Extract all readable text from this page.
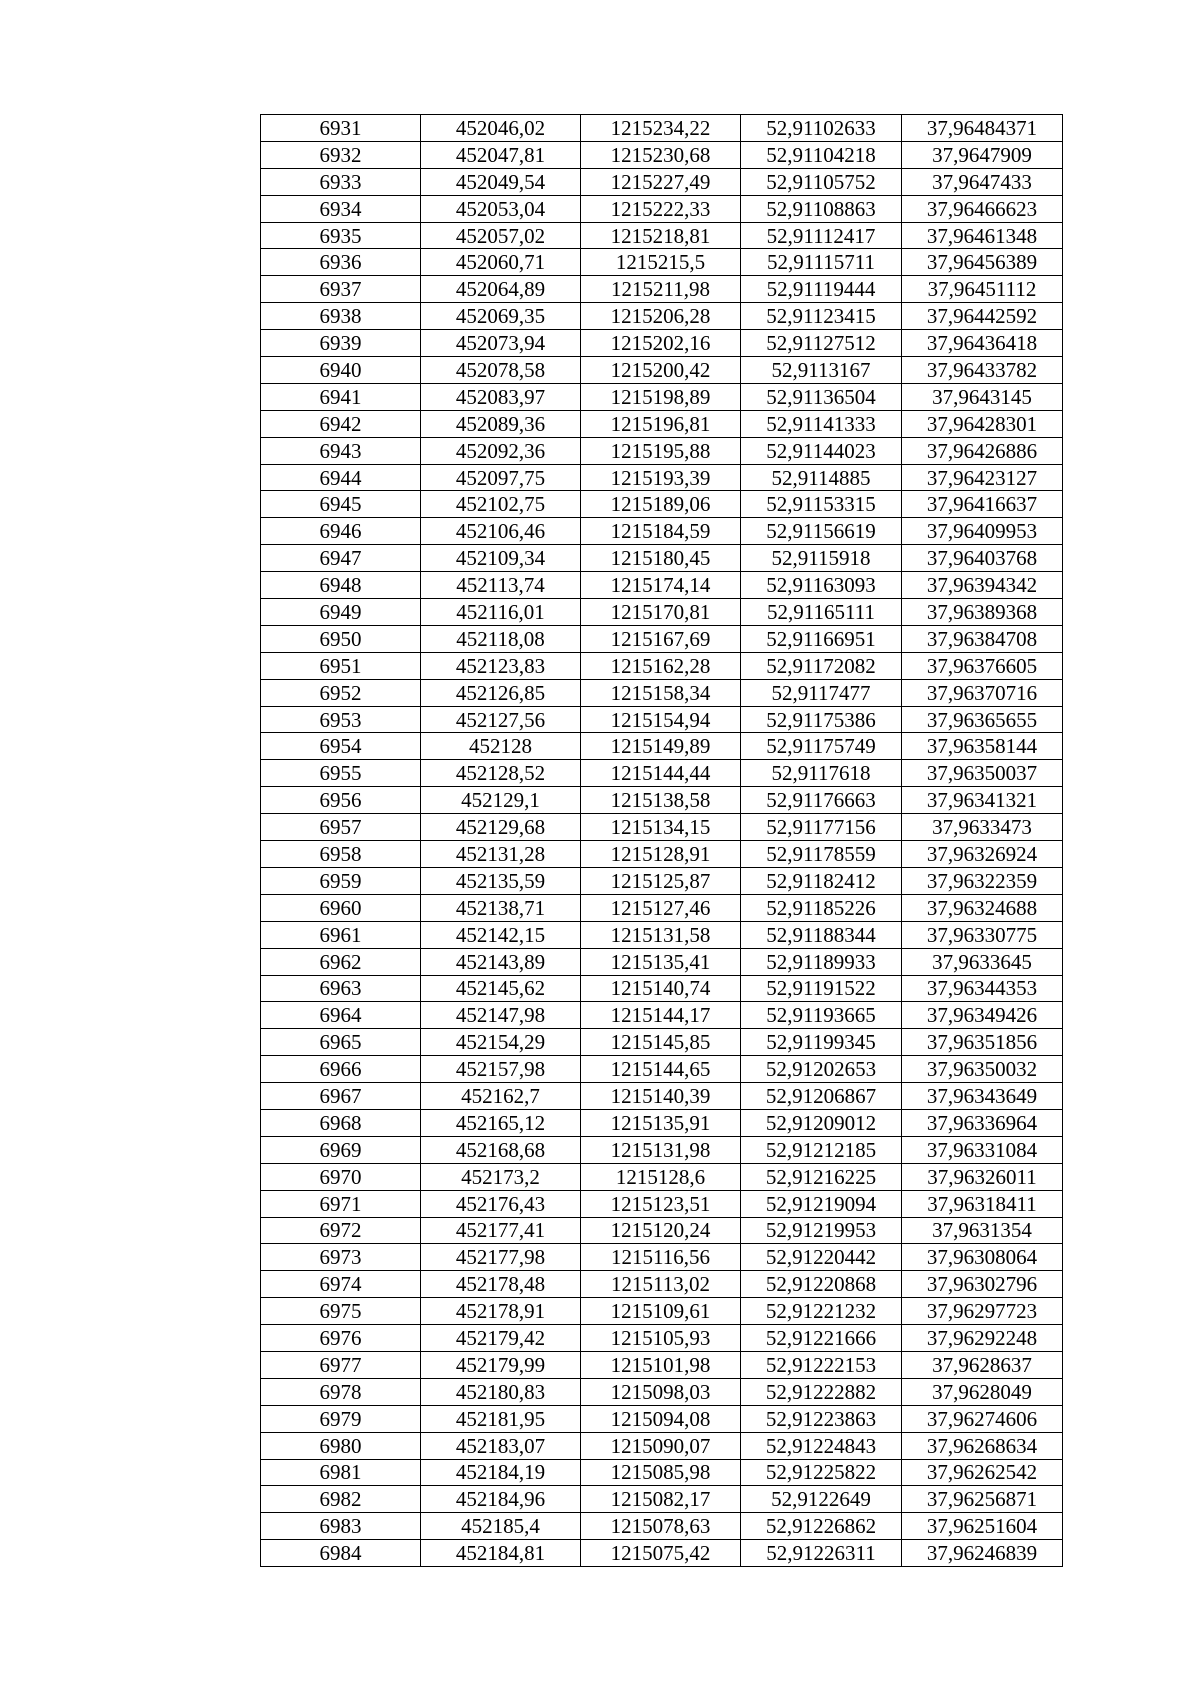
6931	452046,02	1215234,22	52,91102633	37,96484371
6932	452047,81	1215230,68	52,91104218	37,9647909
6933	452049,54	1215227,49	52,91105752	37,9647433
6934	452053,04	1215222,33	52,91108863	37,96466623
6935	452057,02	1215218,81	52,91112417	37,96461348
6936	452060,71	1215215,5	52,91115711	37,96456389
6937	452064,89	1215211,98	52,91119444	37,96451112
6938	452069,35	1215206,28	52,91123415	37,96442592
6939	452073,94	1215202,16	52,91127512	37,96436418
6940	452078,58	1215200,42	52,9113167	37,96433782
6941	452083,97	1215198,89	52,91136504	37,9643145
6942	452089,36	1215196,81	52,91141333	37,96428301
6943	452092,36	1215195,88	52,91144023	37,96426886
6944	452097,75	1215193,39	52,9114885	37,96423127
6945	452102,75	1215189,06	52,91153315	37,96416637
6946	452106,46	1215184,59	52,91156619	37,96409953
6947	452109,34	1215180,45	52,9115918	37,96403768
6948	452113,74	1215174,14	52,91163093	37,96394342
6949	452116,01	1215170,81	52,91165111	37,96389368
6950	452118,08	1215167,69	52,91166951	37,96384708
6951	452123,83	1215162,28	52,91172082	37,96376605
6952	452126,85	1215158,34	52,9117477	37,96370716
6953	452127,56	1215154,94	52,91175386	37,96365655
6954	452128	1215149,89	52,91175749	37,96358144
6955	452128,52	1215144,44	52,9117618	37,96350037
6956	452129,1	1215138,58	52,91176663	37,96341321
6957	452129,68	1215134,15	52,91177156	37,9633473
6958	452131,28	1215128,91	52,91178559	37,96326924
6959	452135,59	1215125,87	52,91182412	37,96322359
6960	452138,71	1215127,46	52,91185226	37,96324688
6961	452142,15	1215131,58	52,91188344	37,96330775
6962	452143,89	1215135,41	52,91189933	37,9633645
6963	452145,62	1215140,74	52,91191522	37,96344353
6964	452147,98	1215144,17	52,91193665	37,96349426
6965	452154,29	1215145,85	52,91199345	37,96351856
6966	452157,98	1215144,65	52,91202653	37,96350032
6967	452162,7	1215140,39	52,91206867	37,96343649
6968	452165,12	1215135,91	52,91209012	37,96336964
6969	452168,68	1215131,98	52,91212185	37,96331084
6970	452173,2	1215128,6	52,91216225	37,96326011
6971	452176,43	1215123,51	52,91219094	37,96318411
6972	452177,41	1215120,24	52,91219953	37,9631354
6973	452177,98	1215116,56	52,91220442	37,96308064
6974	452178,48	1215113,02	52,91220868	37,96302796
6975	452178,91	1215109,61	52,91221232	37,96297723
6976	452179,42	1215105,93	52,91221666	37,96292248
6977	452179,99	1215101,98	52,91222153	37,9628637
6978	452180,83	1215098,03	52,91222882	37,9628049
6979	452181,95	1215094,08	52,91223863	37,96274606
6980	452183,07	1215090,07	52,91224843	37,96268634
6981	452184,19	1215085,98	52,91225822	37,96262542
6982	452184,96	1215082,17	52,9122649	37,96256871
6983	452185,4	1215078,63	52,91226862	37,96251604
6984	452184,81	1215075,42	52,91226311	37,96246839
